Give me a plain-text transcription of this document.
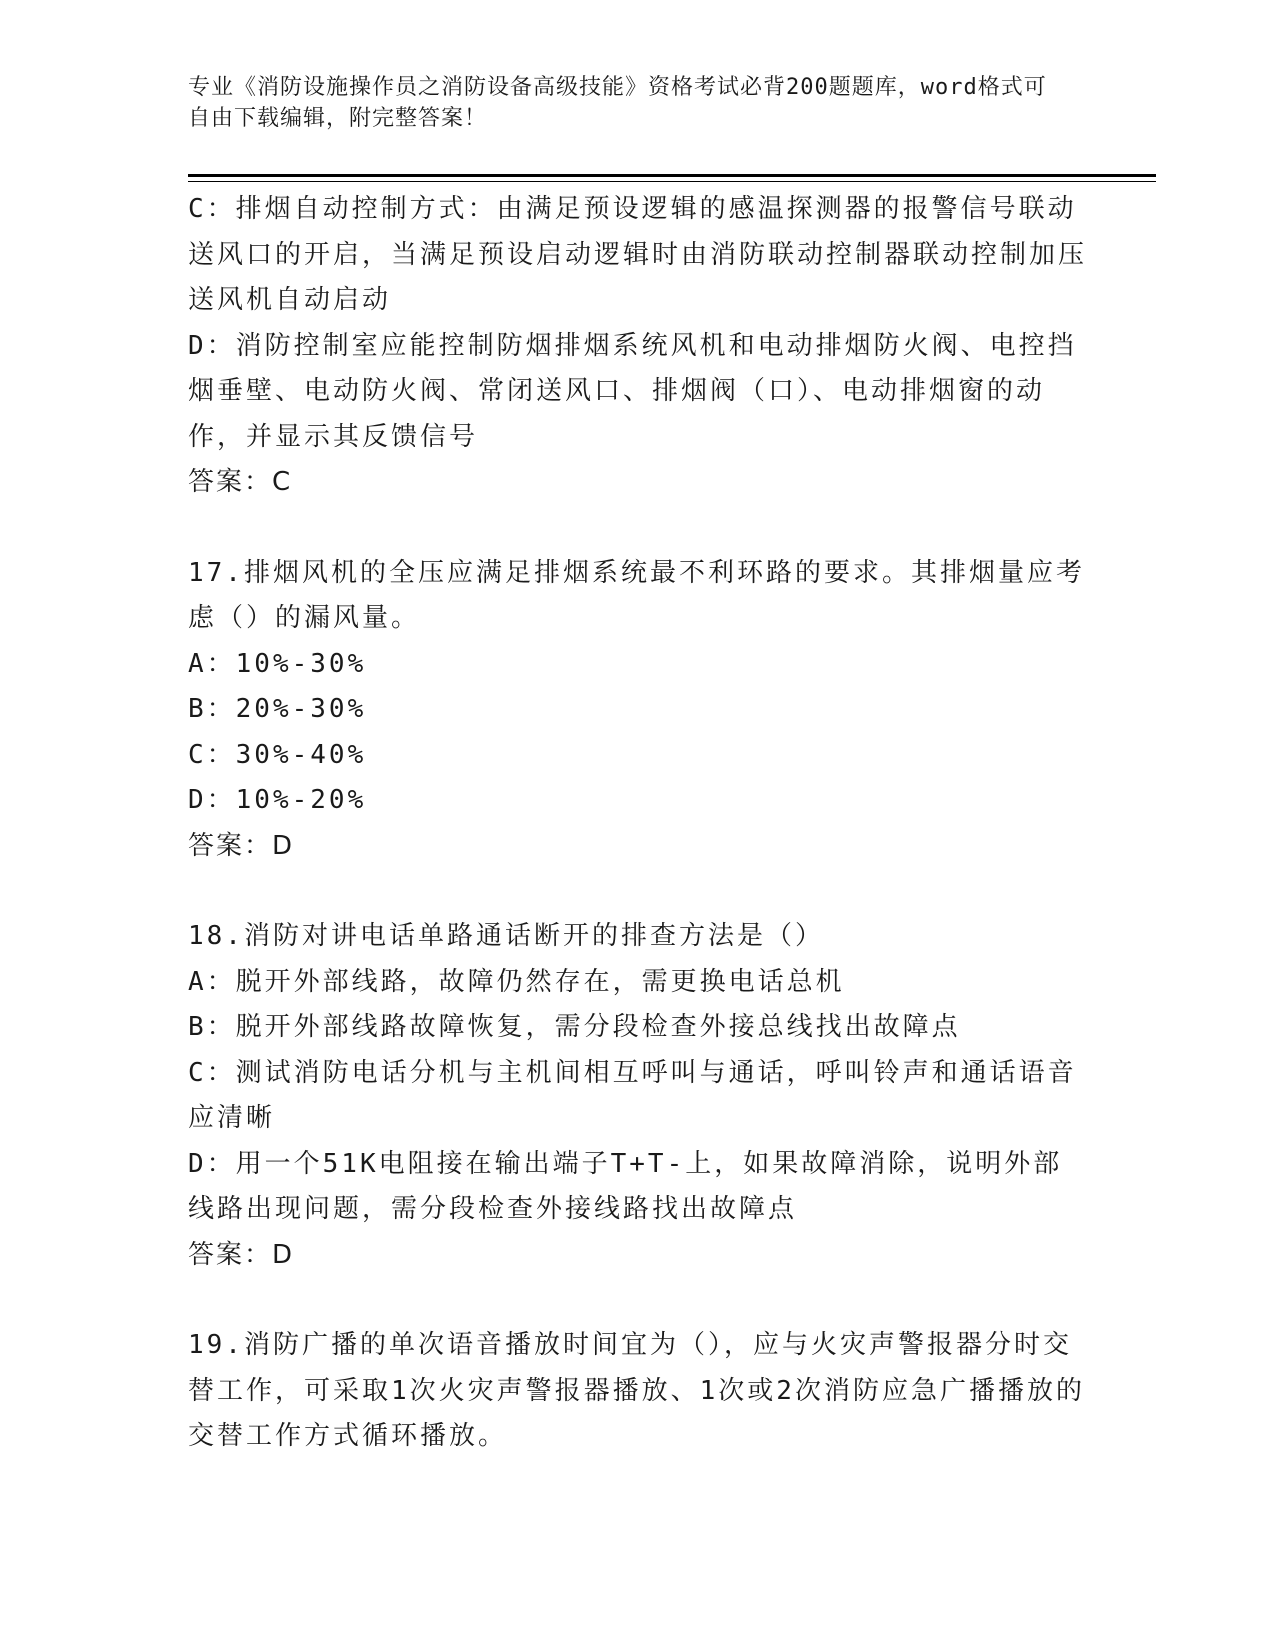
专业《消防设施操作员之消防设备高级技能》资格考试必背200题题库，word格式可自由下载编辑，附完整答案！

C：排烟自动控制方式：由满足预设逻辑的感温探测器的报警信号联动送风口的开启，当满足预设启动逻辑时由消防联动控制器联动控制加压送风机自动启动

D：消防控制室应能控制防烟排烟系统风机和电动排烟防火阀、电控挡烟垂壁、电动防火阀、常闭送风口、排烟阀（口）、电动排烟窗的动作，并显示其反馈信号

答案：C

17.排烟风机的全压应满足排烟系统最不利环路的要求。其排烟量应考虑（）的漏风量。

A：10%-30%

B：20%-30%

C：30%-40%

D：10%-20%

答案：D

18.消防对讲电话单路通话断开的排查方法是（）

A：脱开外部线路，故障仍然存在，需更换电话总机

B：脱开外部线路故障恢复，需分段检查外接总线找出故障点

C：测试消防电话分机与主机间相互呼叫与通话，呼叫铃声和通话语音应清晰

D：用一个51K电阻接在输出端子T+T-上，如果故障消除，说明外部线路出现问题，需分段检查外接线路找出故障点

答案：D

19.消防广播的单次语音播放时间宜为（），应与火灾声警报器分时交替工作，可采取1次火灾声警报器播放、1次或2次消防应急广播播放的交替工作方式循环播放。
